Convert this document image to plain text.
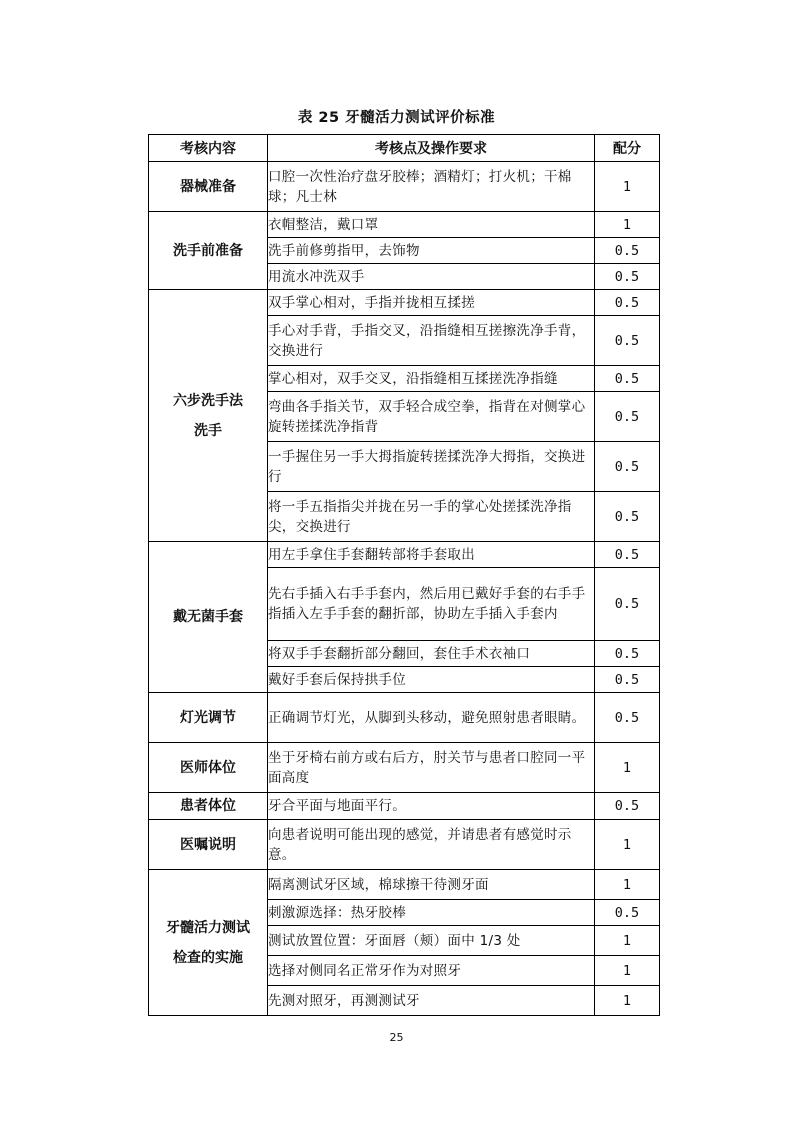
表 25 牙髓活力测试评价标准
考核内容	考核点及操作要求	配分

器械准备	口腔一次性治疗盘牙胶棒；酒精灯；打火机；干棉球；凡士林	1

洗手前准备	衣帽整洁，戴口罩	1
	洗手前修剪指甲，去饰物	0.5
	用流水冲洗双手	0.5

六步洗手法
洗手	双手掌心相对，手指并拢相互揉搓	0.5
	手心对手背，手指交叉，沿指缝相互搓擦洗净手背，交换进行	0.5
	掌心相对，双手交叉，沿指缝相互揉搓洗净指缝	0.5
	弯曲各手指关节，双手轻合成空拳，指背在对侧掌心旋转搓揉洗净指背	0.5
	一手握住另一手大拇指旋转搓揉洗净大拇指，交换进行	0.5
	将一手五指指尖并拢在另一手的掌心处搓揉洗净指尖，交换进行	0.5

戴无菌手套	用左手拿住手套翻转部将手套取出	0.5
	先右手插入右手手套内，然后用已戴好手套的右手手指插入左手手套的翻折部，协助左手插入手套内	0.5
	将双手手套翻折部分翻回，套住手术衣袖口	0.5
	戴好手套后保持拱手位	0.5

灯光调节	正确调节灯光，从脚到头移动，避免照射患者眼睛。	0.5

医师体位	坐于牙椅右前方或右后方，肘关节与患者口腔同一平面高度	1

患者体位	牙合平面与地面平行。	0.5

医嘱说明	向患者说明可能出现的感觉，并请患者有感觉时示意。	1

牙髓活力测试
检查的实施	隔离测试牙区域，棉球擦干待测牙面	1
	刺激源选择：热牙胶棒	0.5
	测试放置位置：牙面唇（颊）面中 1/3 处	1
	选择对侧同名正常牙作为对照牙	1
	先测对照牙，再测测试牙	1
25
